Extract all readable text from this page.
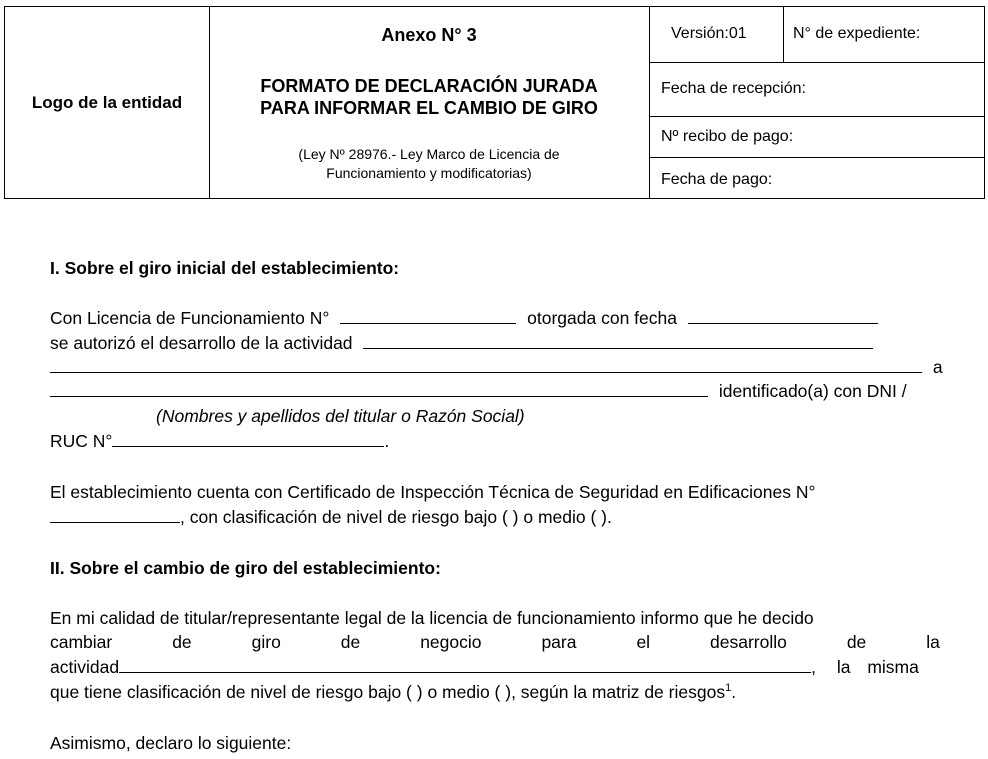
Logo de la entidad
Anexo N° 3
FORMATO DE DECLARACIÓN JURADA
PARA INFORMAR EL CAMBIO DE GIRO
(Ley Nº 28976.- Ley Marco de Licencia de
Funcionamiento y modificatorias)
Versión:01	N° de expediente:
Fecha de recepción:
Nº recibo de pago:
Fecha de pago:
I. Sobre el giro inicial del establecimiento:
Con Licencia de Funcionamiento N°	otorgada con fecha
se autorizó el desarrollo de la actividad
a
identificado(a) con DNI /
(Nombres y apellidos del titular o Razón Social)
RUC N°	.
El establecimiento cuenta con Certificado de Inspección Técnica de Seguridad en Edificaciones N°
, con clasificación de nivel de riesgo bajo ( ) o medio ( ).
II. Sobre el cambio de giro del establecimiento:
En mi calidad de titular/representante legal de la licencia de funcionamiento informo que he decido
cambiar	de	giro	de	negocio	para	el	desarrollo	de	la
actividad	, la misma
que tiene clasificación de nivel de riesgo bajo ( ) o medio ( ), según la matriz de riesgos$^1$.
Asimismo, declaro lo siguiente:
